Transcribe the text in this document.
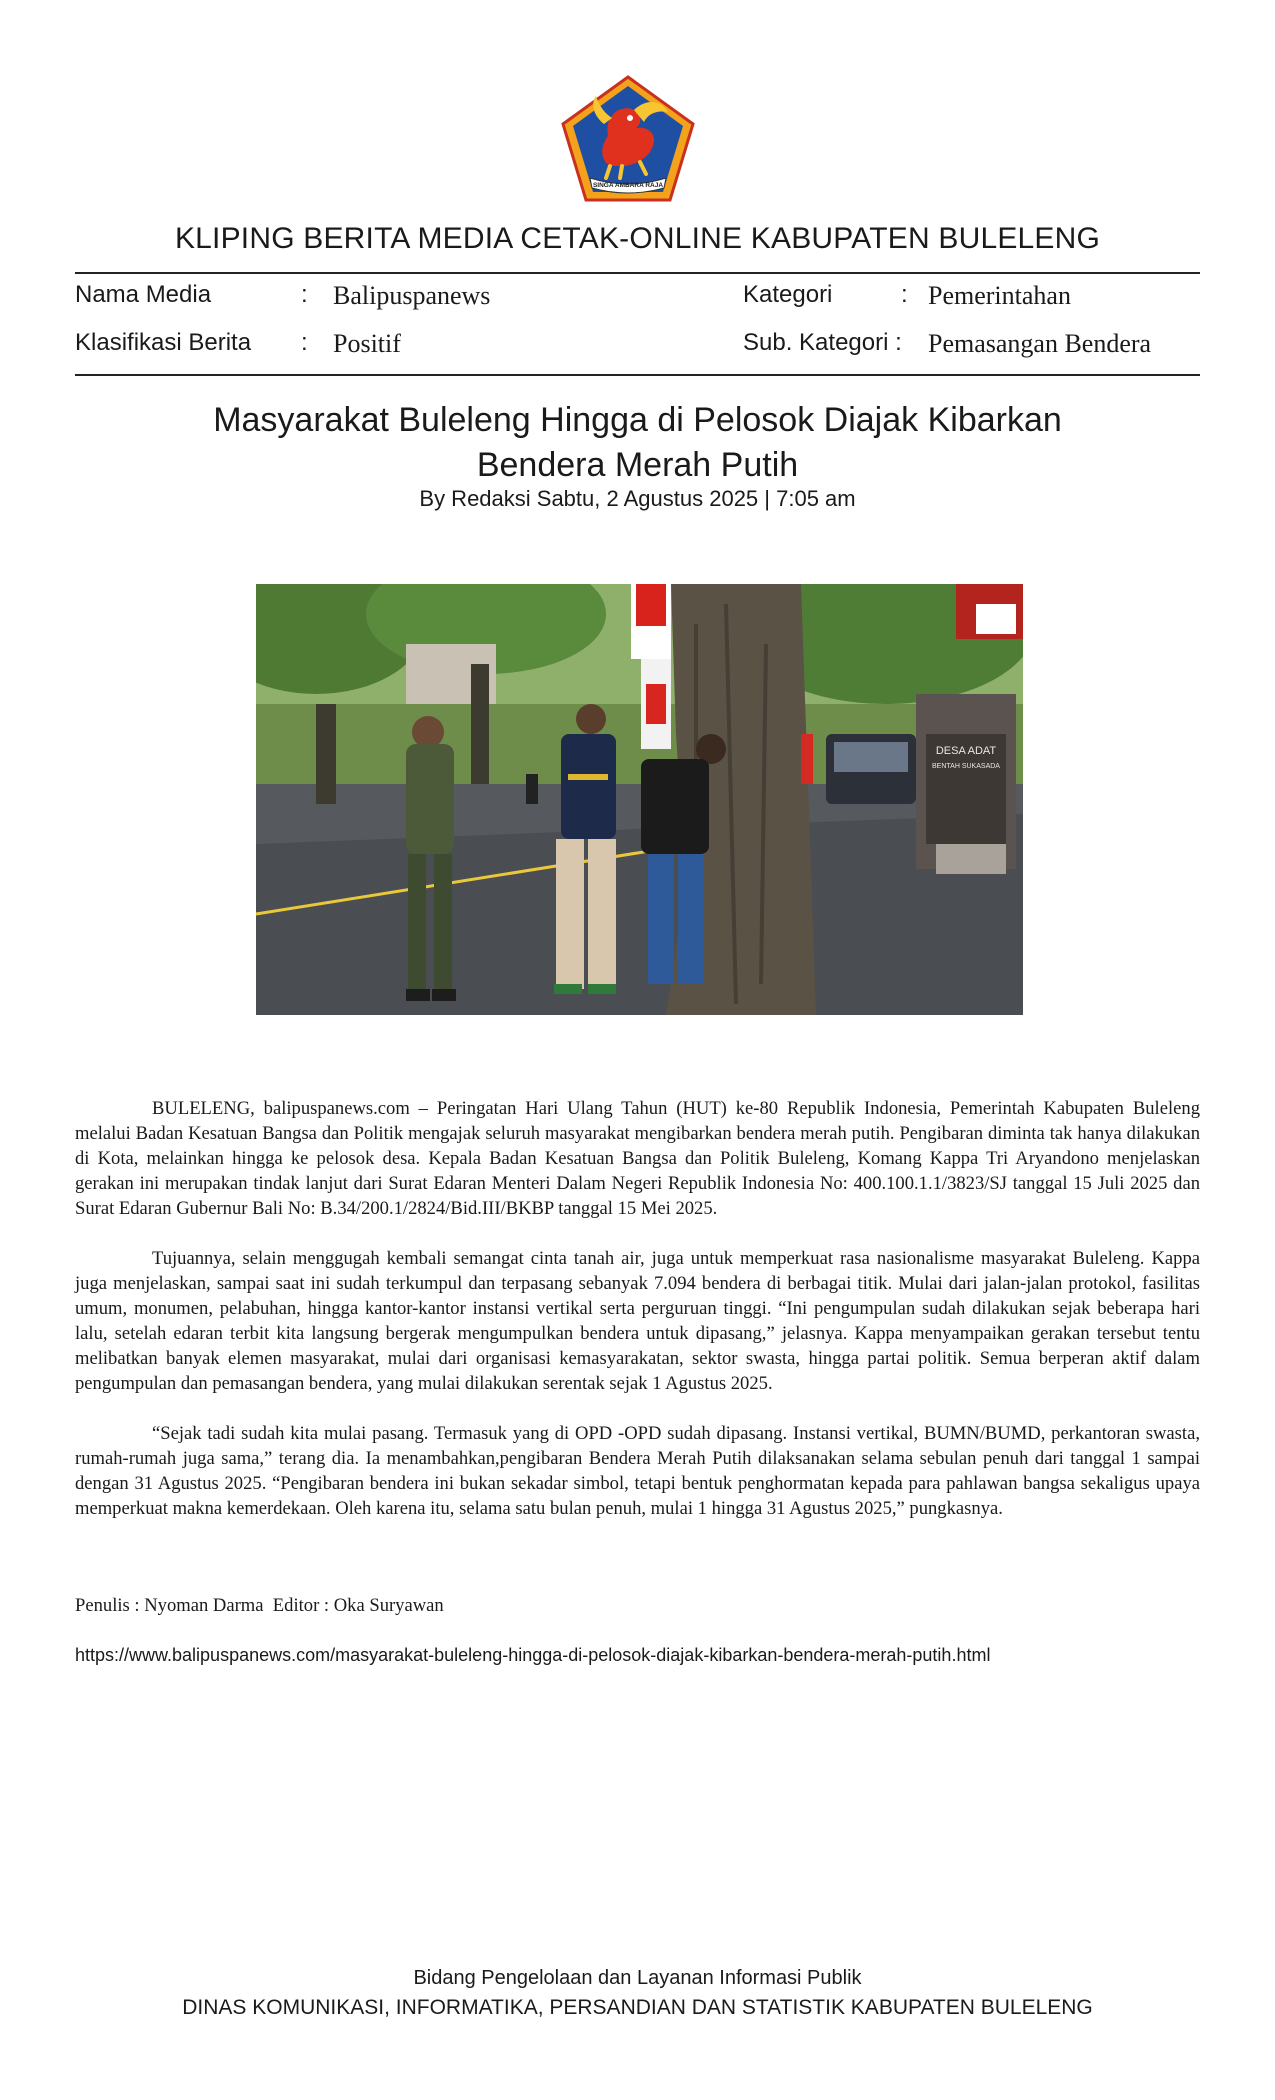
SINGA AMBARA RAJA
KLIPING BERITA MEDIA CETAK-ONLINE KABUPATEN BULELENG
Nama Media	: Balipuspanews	Kategori	: Pemerintahan
Klasifikasi Berita : Positif	Sub. Kategori : Pemasangan Bendera
Masyarakat Buleleng Hingga di Pelosok Diajak Kibarkan
Bendera Merah Putih
By Redaksi Sabtu, 2 Agustus 2025 | 7:05 am
DESA ADAT
BENTAH SUKASADA

BULELENG, balipuspanews.com – Peringatan Hari Ulang Tahun (HUT) ke-80 Republik Indonesia, Pemerintah Kabupaten Buleleng melalui Badan Kesatuan Bangsa dan Politik mengajak seluruh masyarakat mengibarkan bendera merah putih. Pengibaran diminta tak hanya dilakukan di Kota, melainkan hingga ke pelosok desa. Kepala Badan Kesatuan Bangsa dan Politik Buleleng, Komang Kappa Tri Aryandono menjelaskan gerakan ini merupakan tindak lanjut dari Surat Edaran Menteri Dalam Negeri Republik Indonesia No: 400.100.1.1/3823/SJ tanggal 15 Juli 2025 dan Surat Edaran Gubernur Bali No: B.34/200.1/2824/Bid.III/BKBP tanggal 15 Mei 2025.

Tujuannya, selain menggugah kembali semangat cinta tanah air, juga untuk memperkuat rasa nasionalisme masyarakat Buleleng. Kappa juga menjelaskan, sampai saat ini sudah terkumpul dan terpasang sebanyak 7.094 bendera di berbagai titik. Mulai dari jalan-jalan protokol, fasilitas umum, monumen, pelabuhan, hingga kantor-kantor instansi vertikal serta perguruan tinggi. “Ini pengumpulan sudah dilakukan sejak beberapa hari lalu, setelah edaran terbit kita langsung bergerak mengumpulkan bendera untuk dipasang,” jelasnya. Kappa menyampaikan gerakan tersebut tentu melibatkan banyak elemen masyarakat, mulai dari organisasi kemasyarakatan, sektor swasta, hingga partai politik. Semua berperan aktif dalam pengumpulan dan pemasangan bendera, yang mulai dilakukan serentak sejak 1 Agustus 2025.

“Sejak tadi sudah kita mulai pasang. Termasuk yang di OPD -OPD sudah dipasang. Instansi vertikal, BUMN/BUMD, perkantoran swasta, rumah-rumah juga sama,” terang dia. Ia menambahkan,pengibaran Bendera Merah Putih dilaksanakan selama sebulan penuh dari tanggal 1 sampai dengan 31 Agustus 2025. “Pengibaran bendera ini bukan sekadar simbol, tetapi bentuk penghormatan kepada para pahlawan bangsa sekaligus upaya memperkuat makna kemerdekaan. Oleh karena itu, selama satu bulan penuh, mulai 1 hingga 31 Agustus 2025,” pungkasnya.

Penulis : Nyoman Darma  Editor : Oka Suryawan
https://www.balipuspanews.com/masyarakat-buleleng-hingga-di-pelosok-diajak-kibarkan-bendera-merah-putih.html
Bidang Pengelolaan dan Layanan Informasi Publik
DINAS KOMUNIKASI, INFORMATIKA, PERSANDIAN DAN STATISTIK KABUPATEN BULELENG
